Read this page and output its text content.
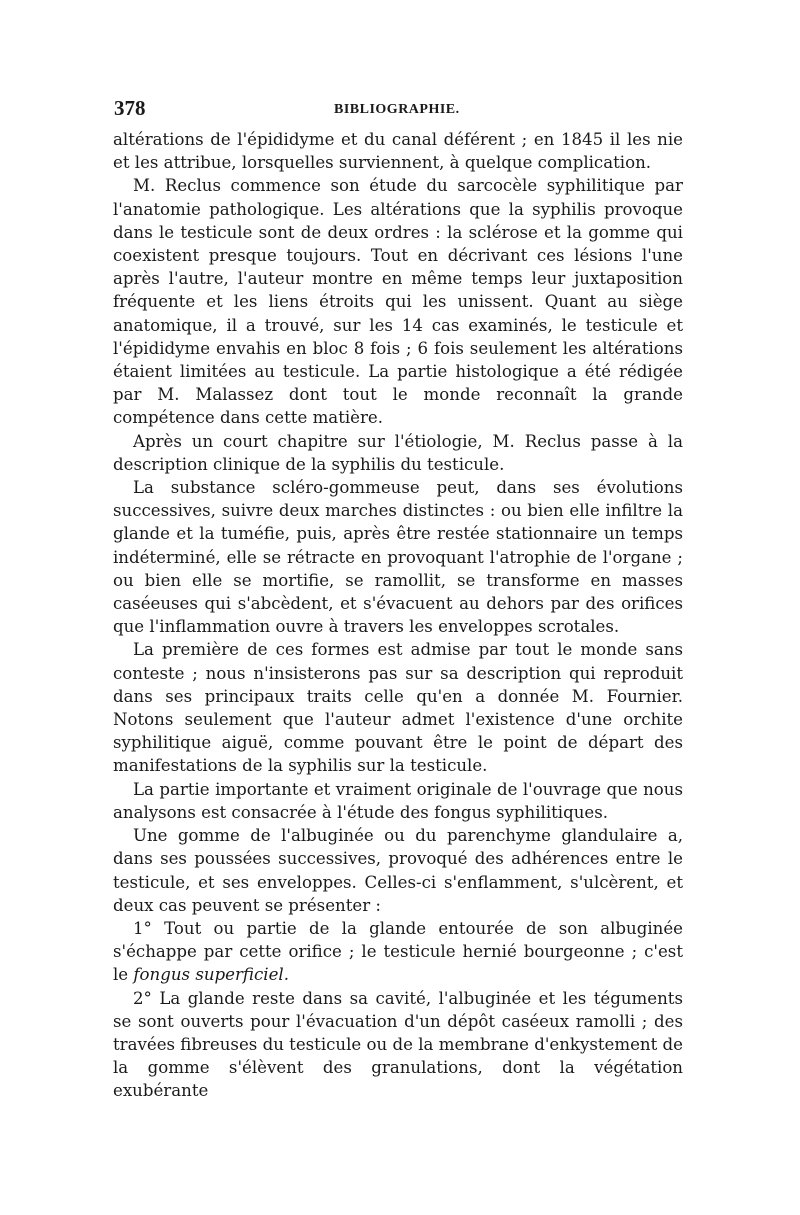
378	BIBLIOGRAPHIE.

altérations de l'épididyme et du canal déférent ; en 1845 il les nie et les attribue, lorsquelles surviennent, à quelque complication.

M. Reclus commence son étude du sarcocèle syphilitique par l'anatomie pathologique. Les altérations que la syphilis provoque dans le testicule sont de deux ordres : la sclérose et la gomme qui coexistent presque toujours. Tout en décrivant ces lésions l'une après l'autre, l'auteur montre en même temps leur juxtaposition fréquente et les liens étroits qui les unissent. Quant au siège anatomique, il a trouvé, sur les 14 cas examinés, le testicule et l'épididyme envahis en bloc 8 fois ; 6 fois seulement les altérations étaient limitées au testicule. La partie histologique a été rédigée par M. Malassez dont tout le monde reconnaît la grande compétence dans cette matière.

Après un court chapitre sur l'étiologie, M. Reclus passe à la description clinique de la syphilis du testicule.

La substance scléro-gommeuse peut, dans ses évolutions successives, suivre deux marches distinctes : ou bien elle infiltre la glande et la tuméfie, puis, après être restée stationnaire un temps indéterminé, elle se rétracte en provoquant l'atrophie de l'organe ; ou bien elle se mortifie, se ramollit, se transforme en masses caséeuses qui s'abcèdent, et s'évacuent au dehors par des orifices que l'inflammation ouvre à travers les enveloppes scrotales.

La première de ces formes est admise par tout le monde sans conteste ; nous n'insisterons pas sur sa description qui reproduit dans ses principaux traits celle qu'en a donnée M. Fournier. Notons seulement que l'auteur admet l'existence d'une orchite syphilitique aiguë, comme pouvant être le point de départ des manifestations de la syphilis sur la testicule.

La partie importante et vraiment originale de l'ouvrage que nous analysons est consacrée à l'étude des fongus syphilitiques.

Une gomme de l'albuginée ou du parenchyme glandulaire a, dans ses poussées successives, provoqué des adhérences entre le testicule, et ses enveloppes. Celles-ci s'enflamment, s'ulcèrent, et deux cas peuvent se présenter :

1° Tout ou partie de la glande entourée de son albuginée s'échappe par cette orifice ; le testicule hernié bourgeonne ; c'est le fongus superficiel.

2° La glande reste dans sa cavité, l'albuginée et les téguments se sont ouverts pour l'évacuation d'un dépôt caséeux ramolli ; des travées fibreuses du testicule ou de la membrane d'enkystement de la gomme s'élèvent des granulations, dont la végétation exubérante
